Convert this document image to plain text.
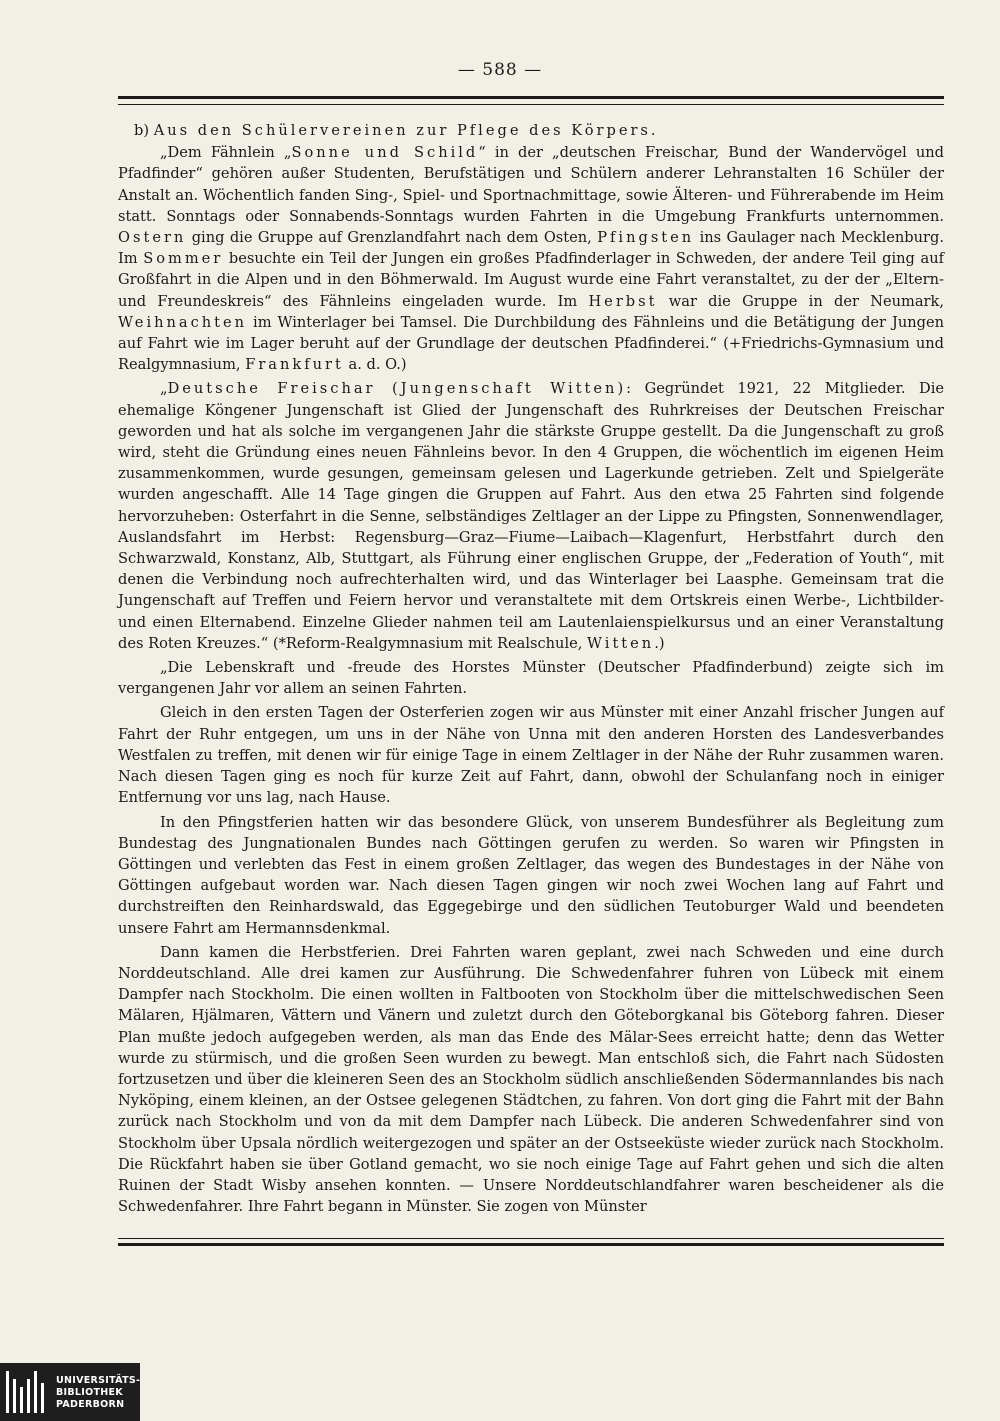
— 588 —

b) Aus den Schülervereinen zur Pflege des Körpers.

„Dem Fähnlein „Sonne und Schild“ in der „deutschen Freischar, Bund der Wandervögel und Pfadfinder“ gehören außer Studenten, Berufstätigen und Schülern anderer Lehranstalten 16 Schüler der Anstalt an. Wöchentlich fanden Sing-, Spiel- und Sportnachmittage, sowie Älteren- und Führerabende im Heim statt. Sonntags oder Sonnabends-Sonntags wurden Fahrten in die Umgebung Frankfurts unternommen. Ostern ging die Gruppe auf Grenzlandfahrt nach dem Osten, Pfingsten ins Gaulager nach Mecklenburg. Im Sommer besuchte ein Teil der Jungen ein großes Pfadfinderlager in Schweden, der andere Teil ging auf Großfahrt in die Alpen und in den Böhmerwald. Im August wurde eine Fahrt veranstaltet, zu der der „Eltern- und Freundeskreis“ des Fähnleins eingeladen wurde. Im Herbst war die Gruppe in der Neumark, Weihnachten im Winterlager bei Tamsel. Die Durchbildung des Fähnleins und die Betätigung der Jungen auf Fahrt wie im Lager beruht auf der Grundlage der deutschen Pfadfinderei.“ (+Friedrichs-Gymnasium und Realgymnasium, Frankfurt a. d. O.)

„Deutsche Freischar (Jungenschaft Witten): Gegründet 1921, 22 Mitglieder. Die ehemalige Köngener Jungenschaft ist Glied der Jungenschaft des Ruhrkreises der Deutschen Freischar geworden und hat als solche im vergangenen Jahr die stärkste Gruppe gestellt. Da die Jungenschaft zu groß wird, steht die Gründung eines neuen Fähnleins bevor. In den 4 Gruppen, die wöchentlich im eigenen Heim zusammenkommen, wurde gesungen, gemeinsam gelesen und Lagerkunde getrieben. Zelt und Spielgeräte wurden angeschafft. Alle 14 Tage gingen die Gruppen auf Fahrt. Aus den etwa 25 Fahrten sind folgende hervorzuheben: Osterfahrt in die Senne, selbständiges Zeltlager an der Lippe zu Pfingsten, Sonnenwendlager, Auslandsfahrt im Herbst: Regensburg—Graz—Fiume—Laibach—Klagenfurt, Herbstfahrt durch den Schwarzwald, Konstanz, Alb, Stuttgart, als Führung einer englischen Gruppe, der „Federation of Youth“, mit denen die Verbindung noch aufrechterhalten wird, und das Winterlager bei Laasphe. Gemeinsam trat die Jungenschaft auf Treffen und Feiern hervor und veranstaltete mit dem Ortskreis einen Werbe-, Lichtbilder- und einen Elternabend. Einzelne Glieder nahmen teil am Lautenlaienspielkursus und an einer Veranstaltung des Roten Kreuzes.“ (*Reform-Realgymnasium mit Realschule, Witten.)

„Die Lebenskraft und -freude des Horstes Münster (Deutscher Pfadfinderbund) zeigte sich im vergangenen Jahr vor allem an seinen Fahrten.

Gleich in den ersten Tagen der Osterferien zogen wir aus Münster mit einer Anzahl frischer Jungen auf Fahrt der Ruhr entgegen, um uns in der Nähe von Unna mit den anderen Horsten des Landesverbandes Westfalen zu treffen, mit denen wir für einige Tage in einem Zeltlager in der Nähe der Ruhr zusammen waren. Nach diesen Tagen ging es noch für kurze Zeit auf Fahrt, dann, obwohl der Schulanfang noch in einiger Entfernung vor uns lag, nach Hause.

In den Pfingstferien hatten wir das besondere Glück, von unserem Bundesführer als Begleitung zum Bundestag des Jungnationalen Bundes nach Göttingen gerufen zu werden. So waren wir Pfingsten in Göttingen und verlebten das Fest in einem großen Zeltlager, das wegen des Bundestages in der Nähe von Göttingen aufgebaut worden war. Nach diesen Tagen gingen wir noch zwei Wochen lang auf Fahrt und durchstreiften den Reinhardswald, das Eggegebirge und den südlichen Teutoburger Wald und beendeten unsere Fahrt am Hermannsdenkmal.

Dann kamen die Herbstferien. Drei Fahrten waren geplant, zwei nach Schweden und eine durch Norddeutschland. Alle drei kamen zur Ausführung. Die Schwedenfahrer fuhren von Lübeck mit einem Dampfer nach Stockholm. Die einen wollten in Faltbooten von Stockholm über die mittelschwedischen Seen Mälaren, Hjälmaren, Vättern und Vänern und zuletzt durch den Göteborgkanal bis Göteborg fahren. Dieser Plan mußte jedoch aufgegeben werden, als man das Ende des Mälar-Sees erreicht hatte; denn das Wetter wurde zu stürmisch, und die großen Seen wurden zu bewegt. Man entschloß sich, die Fahrt nach Südosten fortzusetzen und über die kleineren Seen des an Stockholm südlich anschließenden Södermannlandes bis nach Nyköping, einem kleinen, an der Ostsee gelegenen Städtchen, zu fahren. Von dort ging die Fahrt mit der Bahn zurück nach Stockholm und von da mit dem Dampfer nach Lübeck. Die anderen Schwedenfahrer sind von Stockholm über Upsala nördlich weitergezogen und später an der Ostseeküste wieder zurück nach Stockholm. Die Rückfahrt haben sie über Gotland gemacht, wo sie noch einige Tage auf Fahrt gehen und sich die alten Ruinen der Stadt Wisby ansehen konnten. — Unsere Norddeutschlandfahrer waren bescheidener als die Schwedenfahrer. Ihre Fahrt begann in Münster. Sie zogen von Münster

UNIVERSITÄTS-
BIBLIOTHEK
PADERBORN
